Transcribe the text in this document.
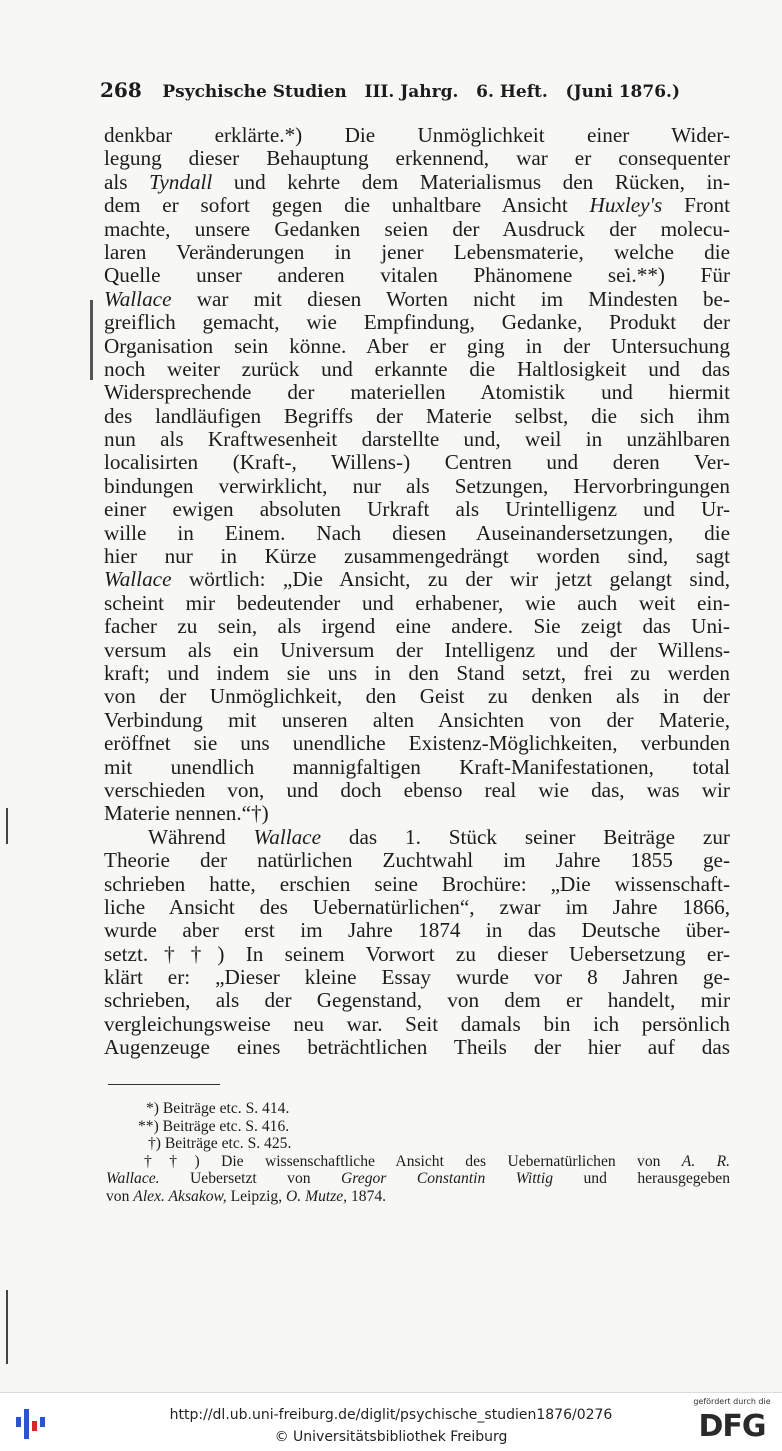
268 Psychische Studien   III. Jahrg.   6. Heft.   (Juni 1876.)
denkbar erklärte.*) Die Unmöglichkeit einer Wider-
legung dieser Behauptung erkennend, war er consequenter
als Tyndall und kehrte dem Materialismus den Rücken, in-
dem er sofort gegen die unhaltbare Ansicht Huxley's Front
machte, unsere Gedanken seien der Ausdruck der molecu-
laren Veränderungen in jener Lebensmaterie, welche die
Quelle unser anderen vitalen Phänomene sei.**) Für
Wallace war mit diesen Worten nicht im Mindesten be-
greiflich gemacht, wie Empfindung, Gedanke, Produkt der
Organisation sein könne. Aber er ging in der Untersuchung
noch weiter zurück und erkannte die Haltlosigkeit und das
Widersprechende der materiellen Atomistik und hiermit
des landläufigen Begriffs der Materie selbst, die sich ihm
nun als Kraftwesenheit darstellte und, weil in unzählbaren
localisirten (Kraft-, Willens-) Centren und deren Ver-
bindungen verwirklicht, nur als Setzungen, Hervorbringungen
einer ewigen absoluten Urkraft als Urintelligenz und Ur-
wille in Einem. Nach diesen Auseinandersetzungen, die
hier nur in Kürze zusammengedrängt worden sind, sagt
Wallace wörtlich: „Die Ansicht, zu der wir jetzt gelangt sind,
scheint mir bedeutender und erhabener, wie auch weit ein-
facher zu sein, als irgend eine andere. Sie zeigt das Uni-
versum als ein Universum der Intelligenz und der Willens-
kraft; und indem sie uns in den Stand setzt, frei zu werden
von der Unmöglichkeit, den Geist zu denken als in der
Verbindung mit unseren alten Ansichten von der Materie,
eröffnet sie uns unendliche Existenz-Möglichkeiten, verbunden
mit unendlich mannigfaltigen Kraft-Manifestationen, total
verschieden von, und doch ebenso real wie das, was wir
Materie nennen.“†)
Während Wallace das 1. Stück seiner Beiträge zur
Theorie der natürlichen Zuchtwahl im Jahre 1855 ge-
schrieben hatte, erschien seine Brochüre: „Die wissenschaft-
liche Ansicht des Uebernatürlichen“, zwar im Jahre 1866,
wurde aber erst im Jahre 1874 in das Deutsche über-
setzt.††) In seinem Vorwort zu dieser Uebersetzung er-
klärt er: „Dieser kleine Essay wurde vor 8 Jahren ge-
schrieben, als der Gegenstand, von dem er handelt, mir
vergleichungsweise neu war. Seit damals bin ich persönlich
Augenzeuge eines beträchtlichen Theils der hier auf das
*) Beiträge etc. S. 414.
**) Beiträge etc. S. 416.
†) Beiträge etc. S. 425.
††) Die wissenschaftliche Ansicht des Uebernatürlichen von A. R.
Wallace. Uebersetzt von Gregor Constantin Wittig und herausgegeben
von Alex. Aksakow, Leipzig, O. Mutze, 1874.
http://dl.ub.uni-freiburg.de/diglit/psychische_studien1876/0276
© Universitätsbibliothek Freiburg
gefördert durch die
DFG
